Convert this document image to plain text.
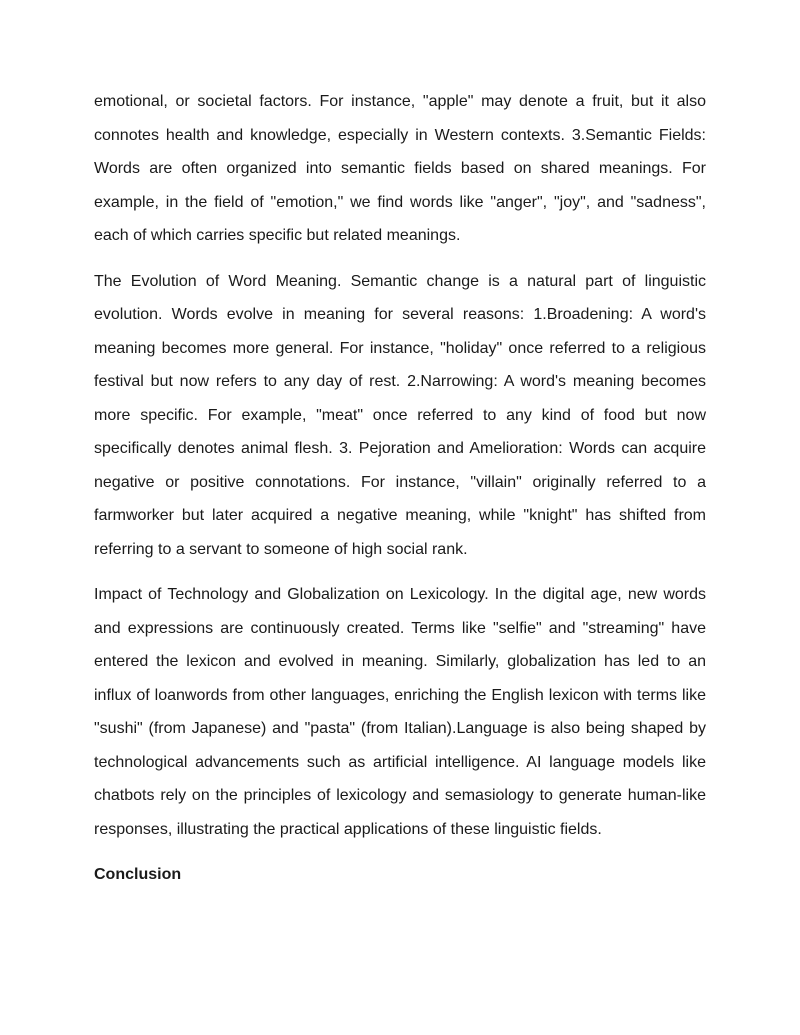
emotional, or societal factors. For instance, "apple" may denote a fruit, but it also connotes health and knowledge, especially in Western contexts. 3.Semantic Fields: Words are often organized into semantic fields based on shared meanings. For example, in the field of "emotion," we find words like "anger", "joy", and "sadness", each of which carries specific but related meanings.

The Evolution of Word Meaning. Semantic change is a natural part of linguistic evolution. Words evolve in meaning for several reasons: 1.Broadening: A word's meaning becomes more general. For instance, "holiday" once referred to a religious festival but now refers to any day of rest. 2.Narrowing: A word's meaning becomes more specific. For example, "meat" once referred to any kind of food but now specifically denotes animal flesh. 3. Pejoration and Amelioration: Words can acquire negative or positive connotations. For instance, "villain" originally referred to a farmworker but later acquired a negative meaning, while "knight" has shifted from referring to a servant to someone of high social rank.

Impact of Technology and Globalization on Lexicology. In the digital age, new words and expressions are continuously created. Terms like "selfie" and "streaming" have entered the lexicon and evolved in meaning. Similarly, globalization has led to an influx of loanwords from other languages, enriching the English lexicon with terms like "sushi" (from Japanese) and "pasta" (from Italian).Language is also being shaped by technological advancements such as artificial intelligence. AI language models like chatbots rely on the principles of lexicology and semasiology to generate human-like responses, illustrating the practical applications of these linguistic fields.

Conclusion
